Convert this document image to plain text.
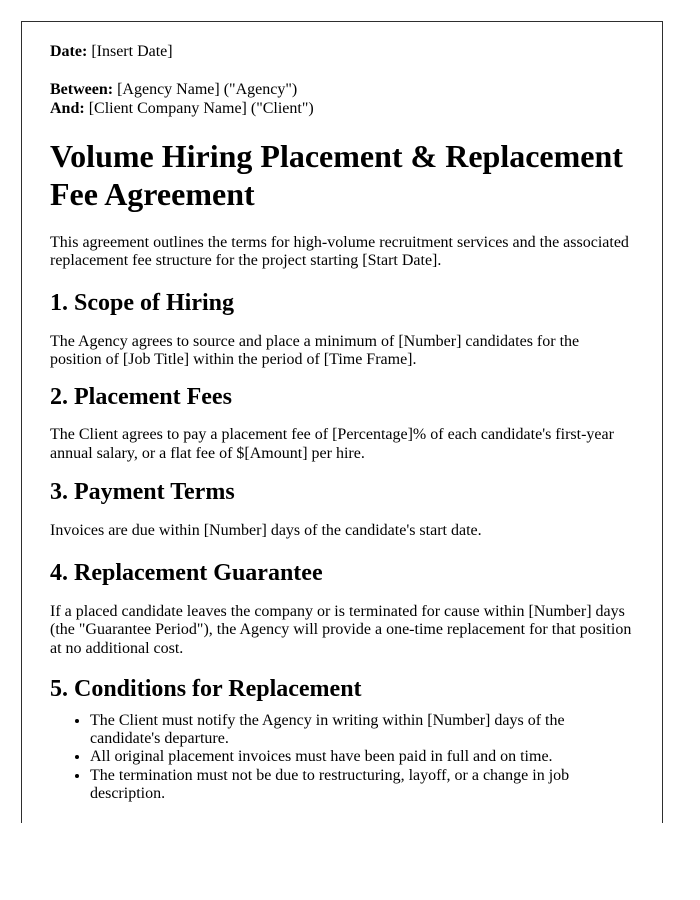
Date: [Insert Date]

Between: [Agency Name] ("Agency")
And: [Client Company Name] ("Client")

Volume Hiring Placement & Replacement Fee Agreement

This agreement outlines the terms for high-volume recruitment services and the associated replacement fee structure for the project starting [Start Date].

1. Scope of Hiring

The Agency agrees to source and place a minimum of [Number] candidates for the position of [Job Title] within the period of [Time Frame].

2. Placement Fees

The Client agrees to pay a placement fee of [Percentage]% of each candidate's first-year annual salary, or a flat fee of $[Amount] per hire.

3. Payment Terms

Invoices are due within [Number] days of the candidate's start date.

4. Replacement Guarantee

If a placed candidate leaves the company or is terminated for cause within [Number] days (the "Guarantee Period"), the Agency will provide a one-time replacement for that position at no additional cost.

5. Conditions for Replacement
• The Client must notify the Agency in writing within [Number] days of the candidate's departure.
• All original placement invoices must have been paid in full and on time.
• The termination must not be due to restructuring, layoff, or a change in job description.
